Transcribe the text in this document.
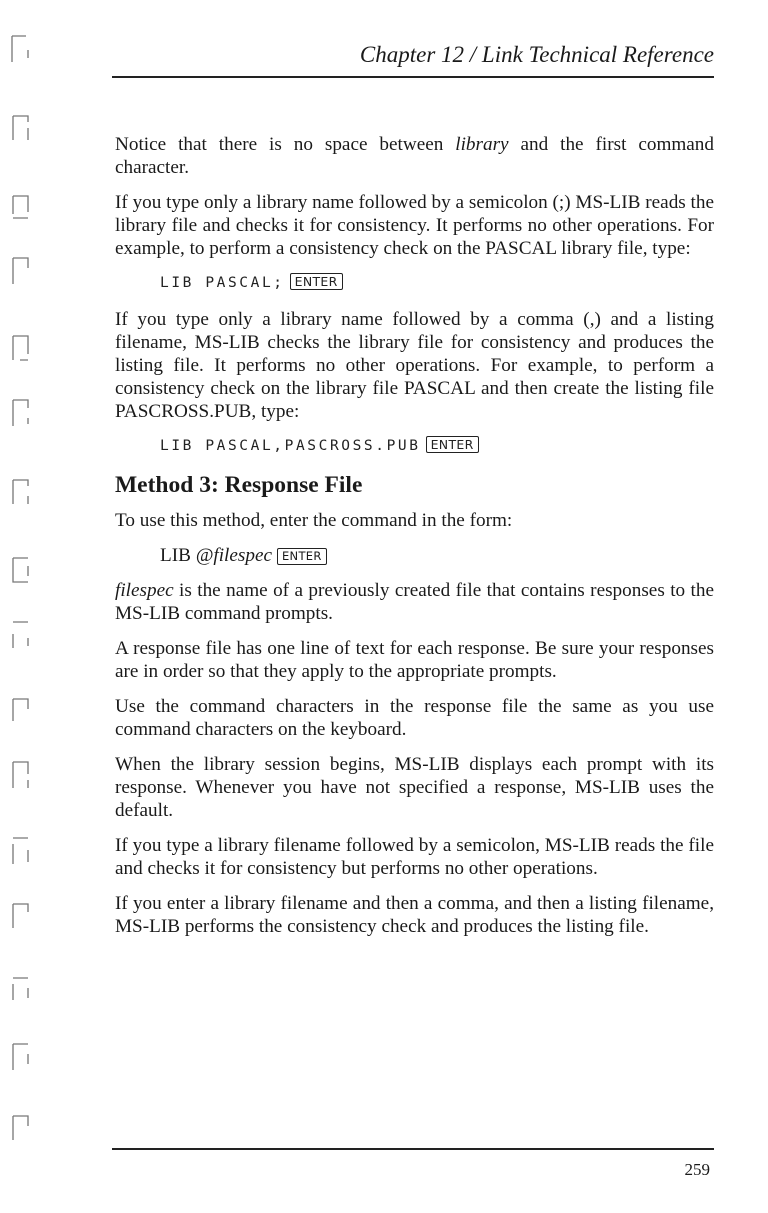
Chapter 12 / Link Technical Reference

Notice that there is no space between library and the first command character.

If you type only a library name followed by a semicolon (;) MS-LIB reads the library file and checks it for consistency. It performs no other operations. For example, to perform a consistency check on the PASCAL library file, type:

LIB PASCAL; ENTER

If you type only a library name followed by a comma (,) and a listing filename, MS-LIB checks the library file for consistency and produces the listing file. It performs no other operations. For example, to perform a consistency check on the library file PASCAL and then create the listing file PASCROSS.PUB, type:

LIB PASCAL,PASCROSS.PUB ENTER
Method 3: Response File

To use this method, enter the command in the form:

LIB @filespec ENTER

filespec is the name of a previously created file that contains responses to the MS-LIB command prompts.

A response file has one line of text for each response. Be sure your responses are in order so that they apply to the appropriate prompts.

Use the command characters in the response file the same as you use command characters on the keyboard.

When the library session begins, MS-LIB displays each prompt with its response. Whenever you have not specified a response, MS-LIB uses the default.

If you type a library filename followed by a semicolon, MS-LIB reads the file and checks it for consistency but performs no other operations.

If you enter a library filename and then a comma, and then a listing filename, MS-LIB performs the consistency check and produces the listing file.

259
